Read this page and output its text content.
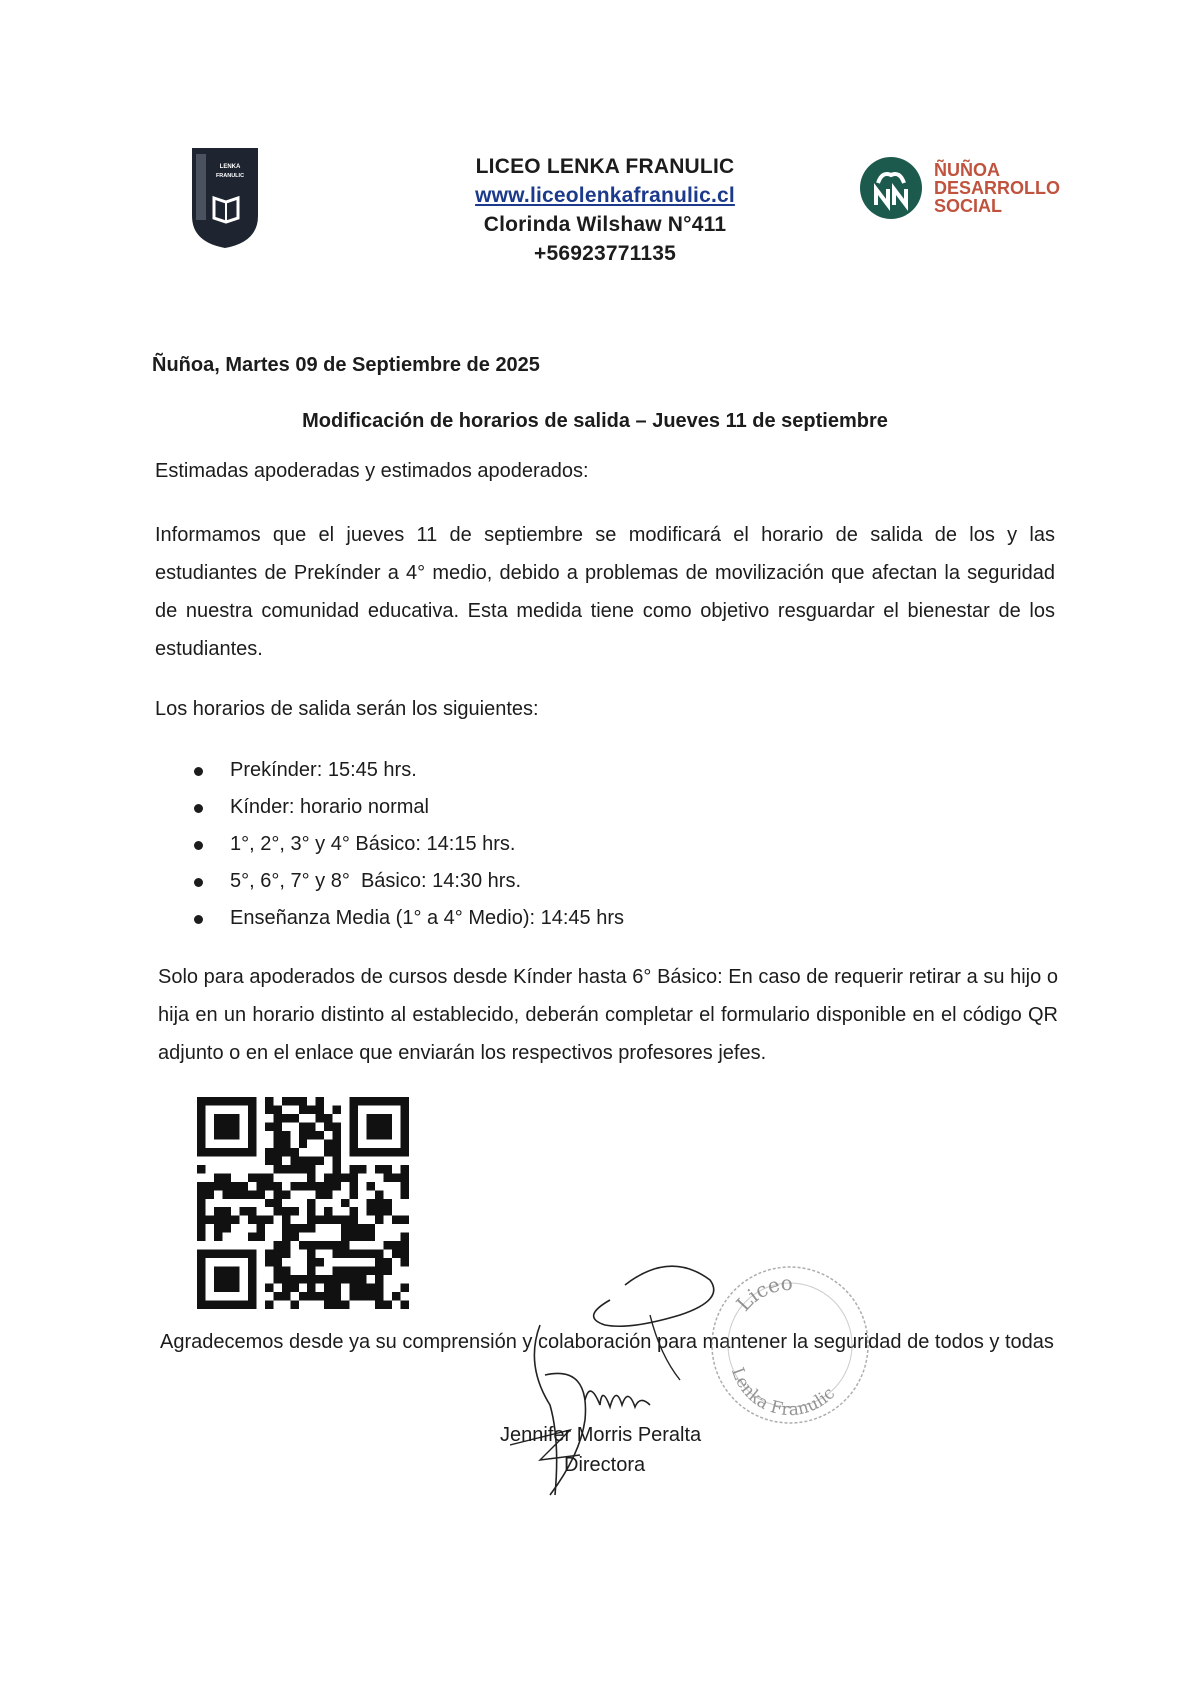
LENKA
FRANULIC	LICEO LENKA FRANULIC
www.liceolenkafranulic.cl
Clorinda Wilshaw N°411
+56923771135
ÑUÑOA
DESARROLLO
SOCIAL
Ñuñoa, Martes 09 de Septiembre de 2025
Modificación de horarios de salida – Jueves 11 de septiembre
Estimadas apoderadas y estimados apoderados:

Informamos que el jueves 11 de septiembre se modificará el horario de salida de los y las estudiantes de Prekínder a 4° medio, debido a problemas de movilización que afectan la seguridad de nuestra comunidad educativa. Esta medida tiene como objetivo resguardar el bienestar de los estudiantes.

Los horarios de salida serán los siguientes:
Prekínder: 15:45 hrs.
Kínder: horario normal
1°, 2°, 3° y 4° Básico: 14:15 hrs.
5°, 6°, 7° y 8°  Básico: 14:30 hrs.
Enseñanza Media (1° a 4° Medio): 14:45 hrs

Solo para apoderados de cursos desde Kínder hasta 6° Básico: En caso de requerir retirar a su hijo o hija en un horario distinto al establecido, deberán completar el formulario disponible en el código QR adjunto o en el enlace que enviarán los respectivos profesores jefes.

Agradecemos desde ya su comprensión y colaboración para mantener la seguridad de todos y todas
Liceo
Lenka Franulic
Jennifer Morris Peralta
Directora
